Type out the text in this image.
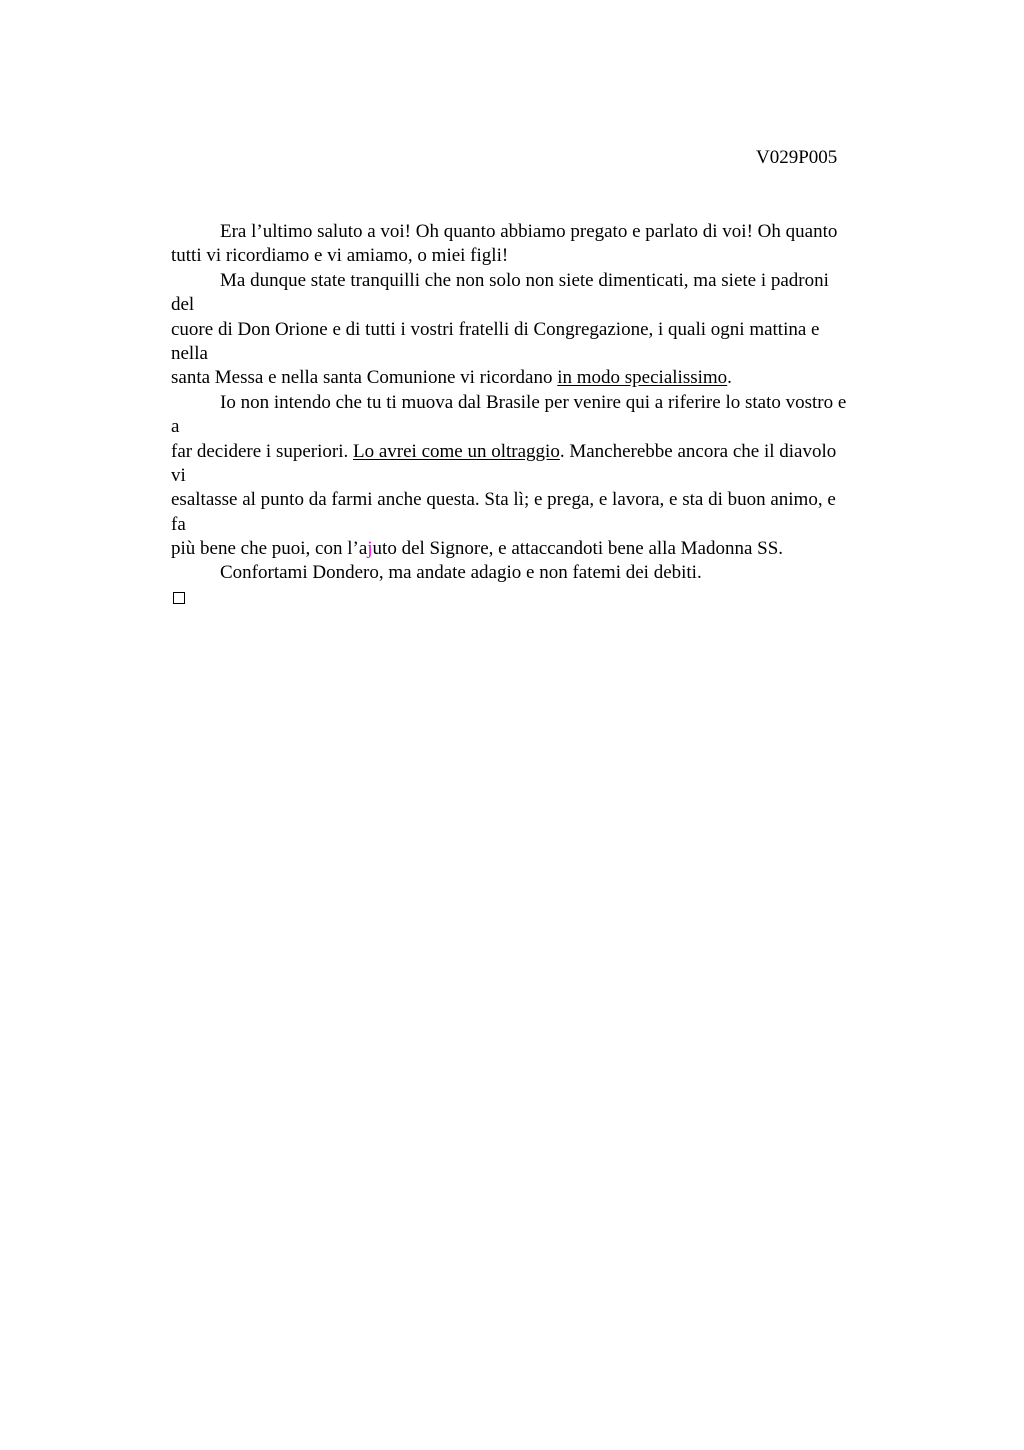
V029P005
Era l’ultimo saluto a voi! Oh quanto abbiamo pregato e parlato di voi! Oh quanto
tutti vi ricordiamo e vi amiamo, o miei figli!
Ma dunque state tranquilli che non solo non siete dimenticati, ma siete i padroni
del
cuore di Don Orione e di tutti i vostri fratelli di Congregazione, i quali ogni mattina e
nella
santa Messa e nella santa Comunione vi ricordano in modo specialissimo.
Io non intendo che tu ti muova dal Brasile per venire qui a riferire lo stato vostro e
a
far decidere i superiori. Lo avrei come un oltraggio. Mancherebbe ancora che il diavolo
vi
esaltasse al punto da farmi anche questa. Sta lì; e prega, e lavora, e sta di buon animo, e
fa
più bene che puoi, con l’ajuto del Signore, e attaccandoti bene alla Madonna SS.
Confortami Dondero, ma andate adagio e non fatemi dei debiti.
